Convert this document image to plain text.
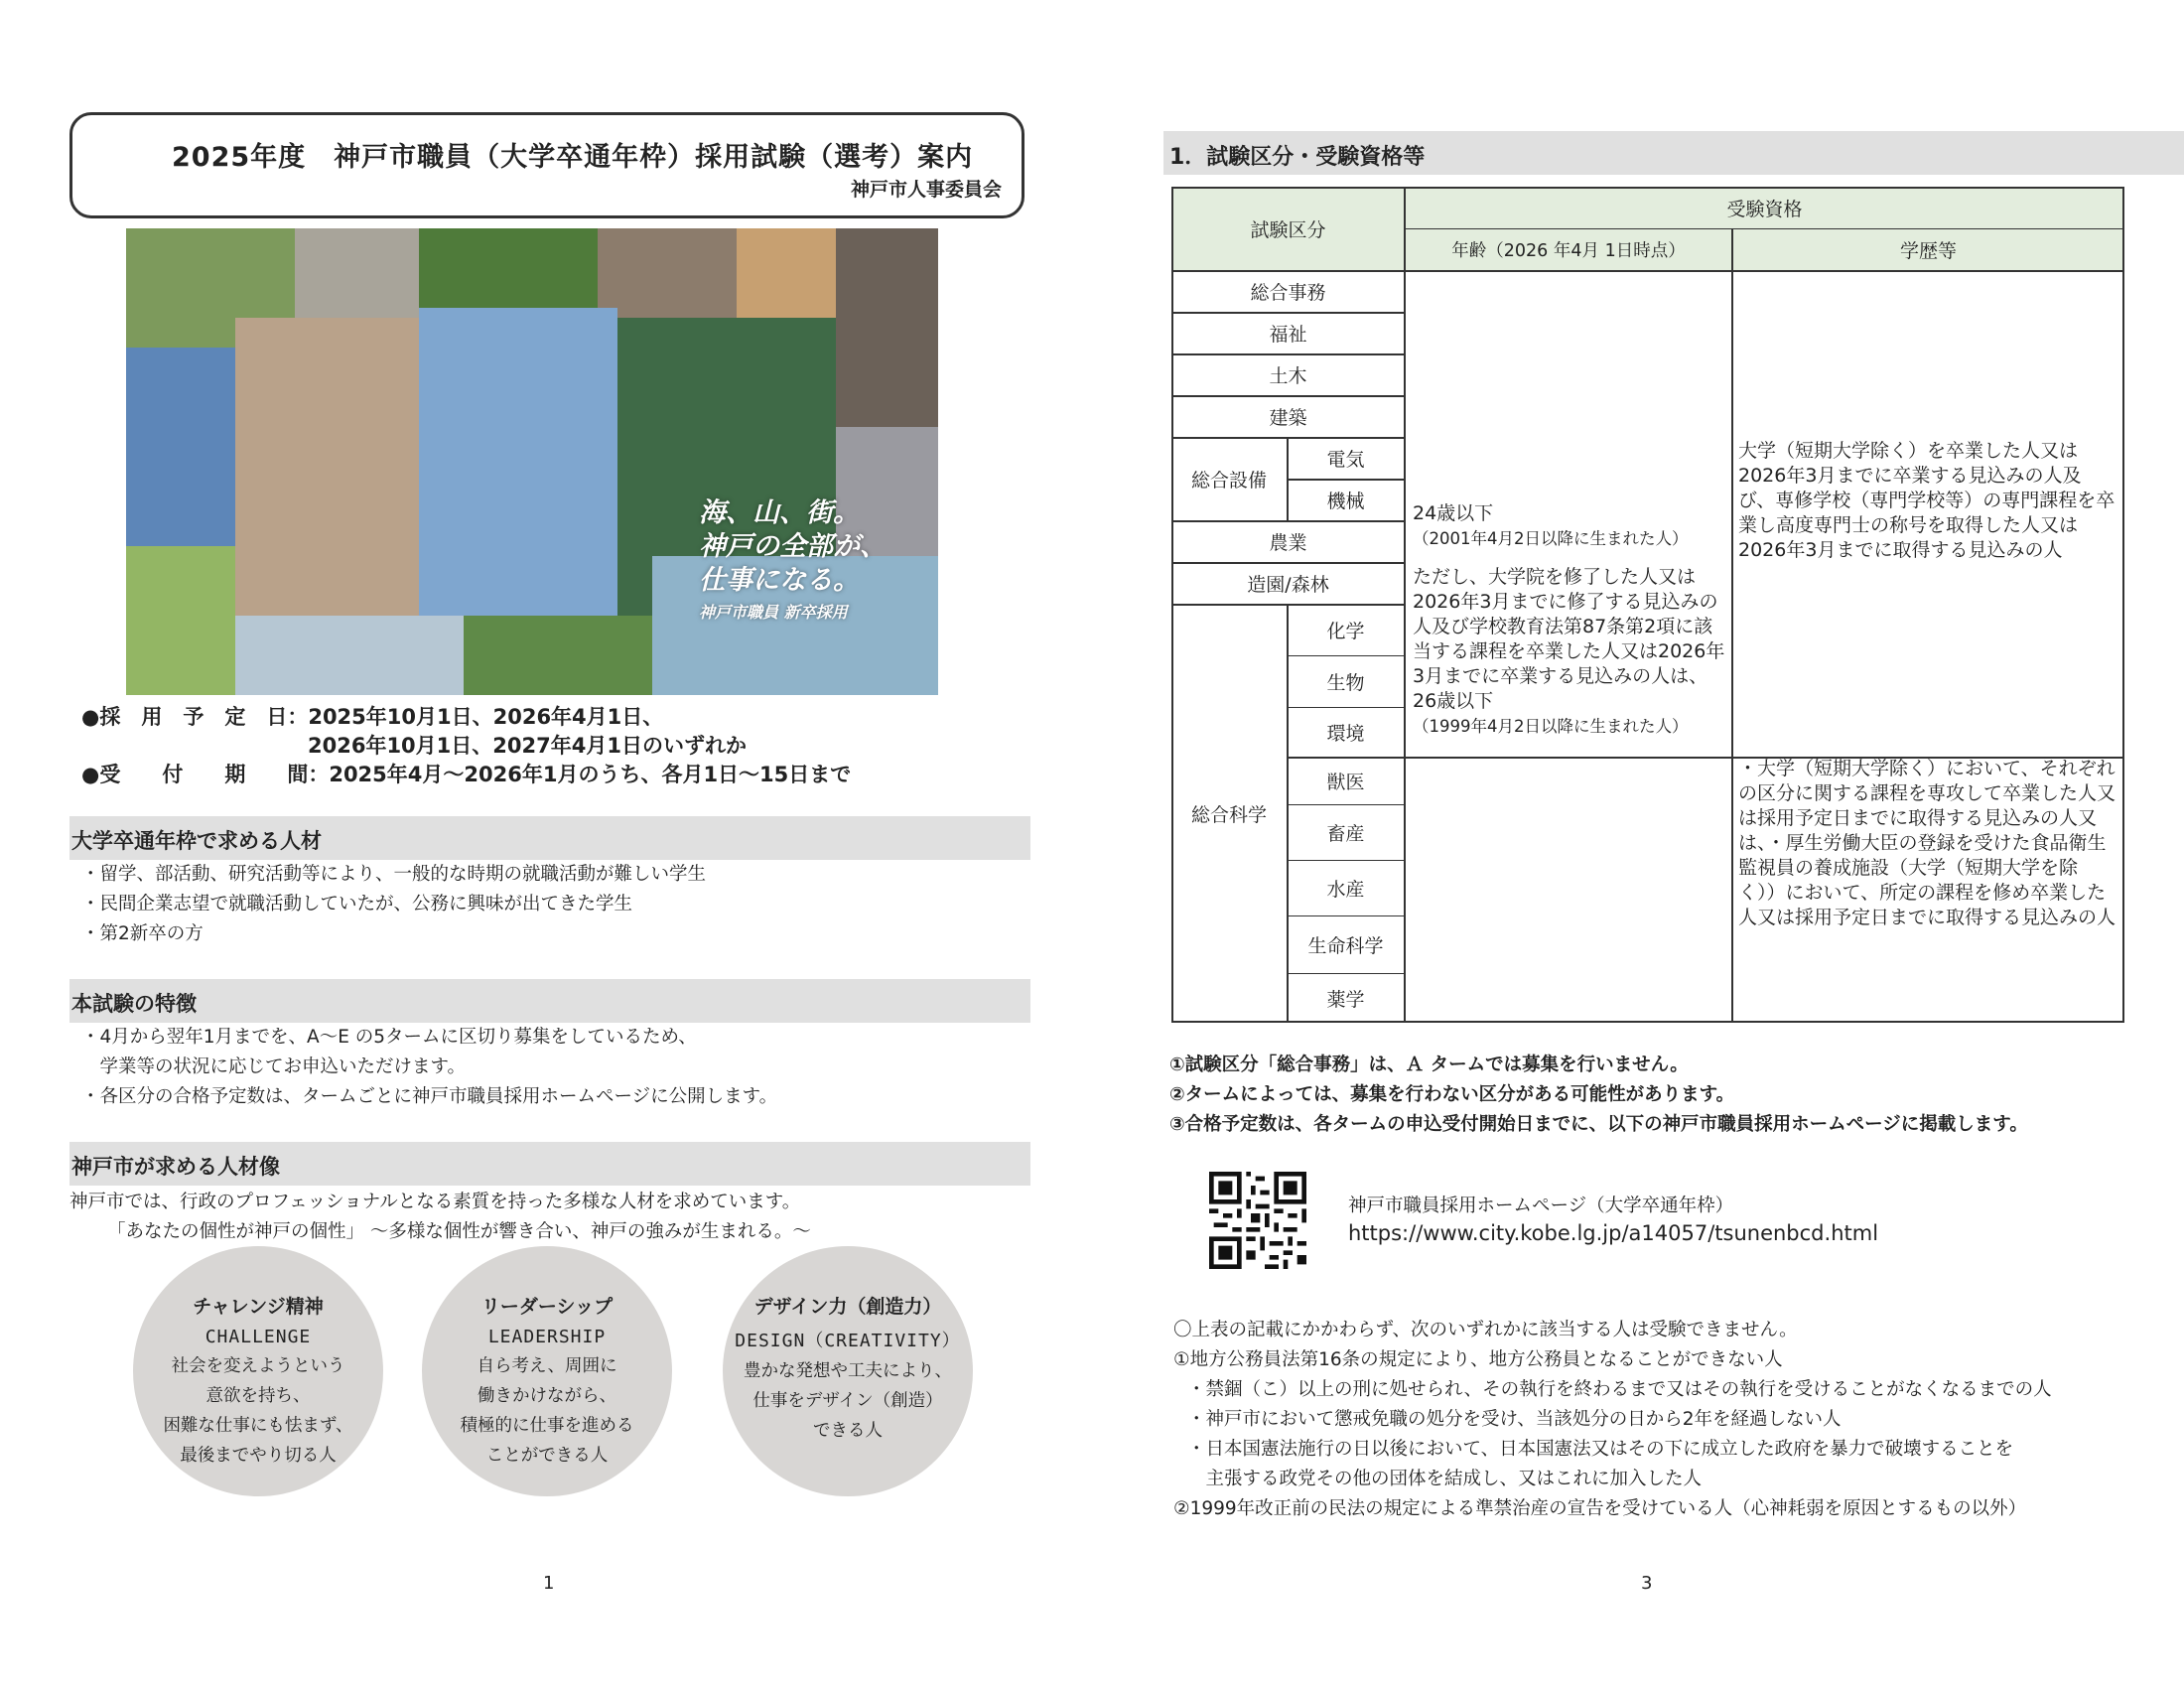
2025年度　神戸市職員（大学卒通年枠）採用試験（選考）案内
神戸市人事委員会
海、山、街。
神戸の全部が、
仕事になる。
神戸市職員 新卒採用
●採　用　予　定　日：2025年10月1日、2026年4月1日、
2026年10月1日、2027年4月1日のいずれか
●受　　付　　期　　間：2025年4月～2026年1月のうち、各月1日～15日まで
大学卒通年枠で求める人材
・留学、部活動、研究活動等により、一般的な時期の就職活動が難しい学生
・民間企業志望で就職活動していたが、公務に興味が出てきた学生
・第2新卒の方
本試験の特徴
・4月から翌年1月までを、A～E の5タームに区切り募集をしているため、
　学業等の状況に応じてお申込いただけます。
・各区分の合格予定数は、タームごとに神戸市職員採用ホームページに公開します。
神戸市が求める人材像
神戸市では、行政のプロフェッショナルとなる素質を持った多様な人材を求めています。
「あなたの個性が神戸の個性」 ～多様な個性が響き合い、神戸の強みが生まれる。～
チャレンジ精神
CHALLENGE
社会を変えようという
意欲を持ち、
困難な仕事にも怯まず、
最後までやり切る人
リーダーシップ
LEADERSHIP
自ら考え、周囲に
働きかけながら、
積極的に仕事を進める
ことができる人
デザイン力（創造力）
DESIGN（CREATIVITY）
豊かな発想や工夫により、
仕事をデザイン（創造）
できる人
1
1．試験区分・受験資格等
試験区分
受験資格
年齢（2026 年4月 1日時点）	学歴等
総合事務
福祉
土木
建築
総合設備
電気
機械
農業
造園/森林
総合科学
化学
生物
環境
獣医
畜産
水産
生命科学
薬学
24歳以下
（2001年4月2日以降に生まれた人）
ただし、大学院を修了した人又は2026年3月までに修了する見込みの人及び学校教育法第87条第2項に該当する課程を卒業した人又は2026年3月までに卒業する見込みの人は、26歳以下
（1999年4月2日以降に生まれた人）
大学（短期大学除く）を卒業した人又は2026年3月までに卒業する見込みの人及び、専修学校（専門学校等）の専門課程を卒業し高度専門士の称号を取得した人又は2026年3月までに取得する見込みの人
・大学（短期大学除く）において、それぞれの区分に関する課程を専攻して卒業した人又は採用予定日までに取得する見込みの人又は、・厚生労働大臣の登録を受けた食品衛生監視員の養成施設（大学（短期大学を除く））において、所定の課程を修め卒業した人又は採用予定日までに取得する見込みの人
①試験区分「総合事務」は、Ａ タームでは募集を行いません。
②タームによっては、募集を行わない区分がある可能性があります。
③合格予定数は、各タームの申込受付開始日までに、以下の神戸市職員採用ホームページに掲載します。
神戸市職員採用ホームページ（大学卒通年枠）
https://www.city.kobe.lg.jp/a14057/tsunenbcd.html
〇上表の記載にかかわらず、次のいずれかに該当する人は受験できません。
①地方公務員法第16条の規定により、地方公務員となることができない人
・禁錮（こ）以上の刑に処せられ、その執行を終わるまで又はその執行を受けることがなくなるまでの人
・神戸市において懲戒免職の処分を受け、当該処分の日から2年を経過しない人
・日本国憲法施行の日以後において、日本国憲法又はその下に成立した政府を暴力で破壊することを
　主張する政党その他の団体を結成し、又はこれに加入した人
②1999年改正前の民法の規定による準禁治産の宣告を受けている人（心神耗弱を原因とするもの以外）
3
